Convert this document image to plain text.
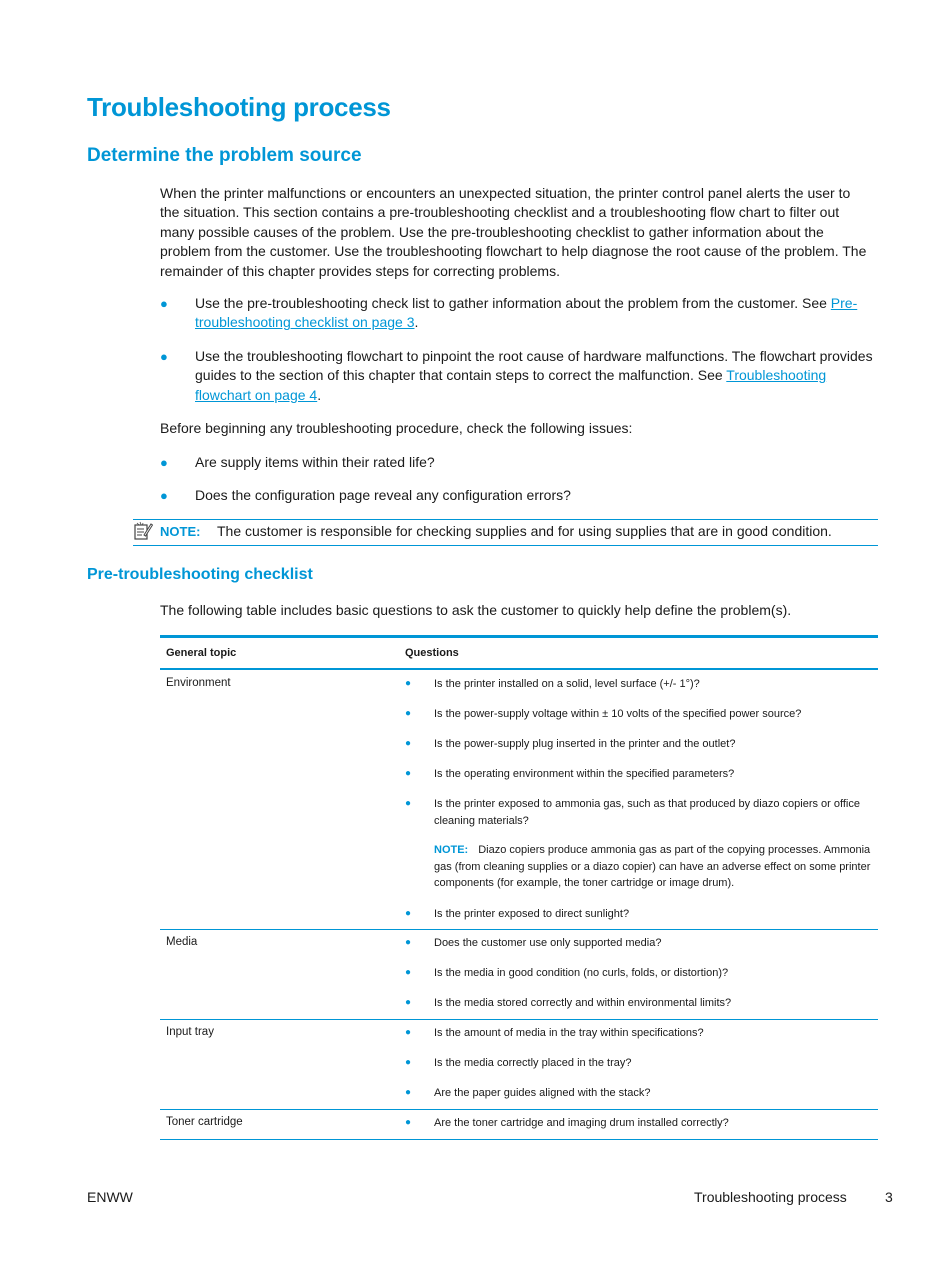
Troubleshooting process
Determine the problem source

When the printer malfunctions or encounters an unexpected situation, the printer control panel alerts the user to the situation. This section contains a pre-troubleshooting checklist and a troubleshooting flow chart to filter out many possible causes of the problem. Use the pre-troubleshooting checklist to gather information about the problem from the customer. Use the troubleshooting flowchart to help diagnose the root cause of the problem. The remainder of this chapter provides steps for correcting problems.

● Use the pre-troubleshooting check list to gather information about the problem from the customer. See Pre-troubleshooting checklist on page 3.
● Use the troubleshooting flowchart to pinpoint the root cause of hardware malfunctions. The flowchart provides guides to the section of this chapter that contain steps to correct the malfunction. See Troubleshooting flowchart on page 4.

Before beginning any troubleshooting procedure, check the following issues:

● Are supply items within their rated life?
● Does the configuration page reveal any configuration errors?
NOTE: The customer is responsible for checking supplies and for using supplies that are in good condition.
Pre-troubleshooting checklist

The following table includes basic questions to ask the customer to quickly help define the problem(s).

General topic	Questions
Environment	● Is the printer installed on a solid, level surface (+/- 1°)?
● Is the power-supply voltage within ± 10 volts of the specified power source?
● Is the power-supply plug inserted in the printer and the outlet?
● Is the operating environment within the specified parameters?
● Is the printer exposed to ammonia gas, such as that produced by diazo copiers or office cleaning materials?
NOTE: Diazo copiers produce ammonia gas as part of the copying processes. Ammonia gas (from cleaning supplies or a diazo copier) can have an adverse effect on some printer components (for example, the toner cartridge or image drum).
● Is the printer exposed to direct sunlight?
Media	● Does the customer use only supported media?
● Is the media in good condition (no curls, folds, or distortion)?
● Is the media stored correctly and within environmental limits?
Input tray	● Is the amount of media in the tray within specifications?
● Is the media correctly placed in the tray?
● Are the paper guides aligned with the stack?
Toner cartridge	● Are the toner cartridge and imaging drum installed correctly?
ENWW	Troubleshooting process	3
